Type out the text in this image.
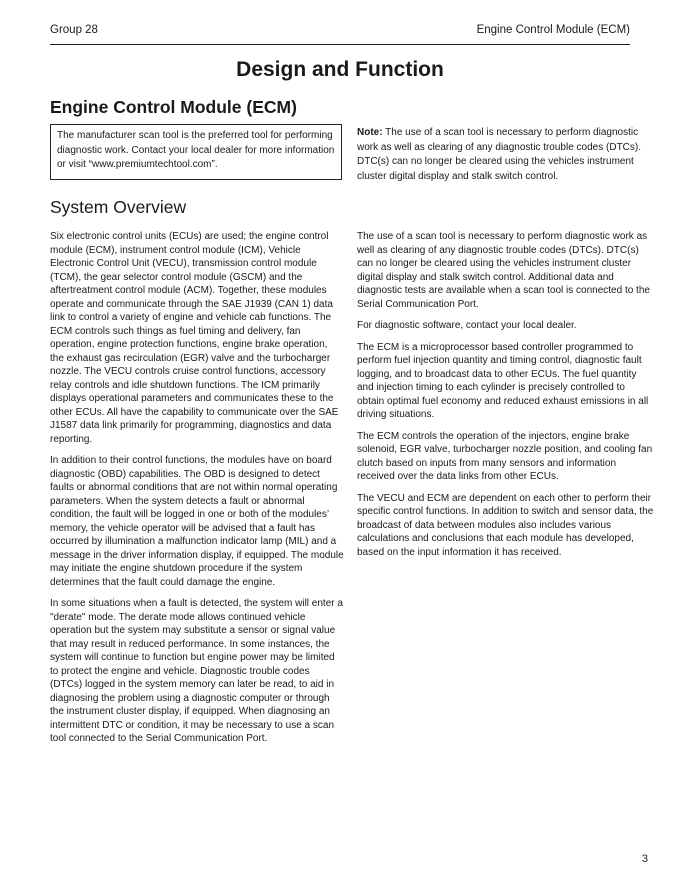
Group 28	Engine Control Module (ECM)
Design and Function
Engine Control Module (ECM)
The manufacturer scan tool is the preferred tool for performing diagnostic work. Contact your local dealer for more information or visit “www.premiumtechtool.com”.
Note: The use of a scan tool is necessary to perform diagnostic work as well as clearing of any diagnostic trouble codes (DTCs). DTC(s) can no longer be cleared using the vehicles instrument cluster digital display and stalk switch control.
System Overview

Six electronic control units (ECUs) are used; the engine control module (ECM), instrument control module (ICM), Vehicle Electronic Control Unit (VECU), transmission control module (TCM), the gear selector control module (GSCM) and the aftertreatment control module (ACM). Together, these modules operate and communicate through the SAE J1939 (CAN 1) data link to control a variety of engine and vehicle cab functions. The ECM controls such things as fuel timing and delivery, fan operation, engine protection functions, engine brake operation, the exhaust gas recirculation (EGR) valve and the turbocharger nozzle. The VECU controls cruise control functions, accessory relay controls and idle shutdown functions. The ICM primarily displays operational parameters and communicates these to the other ECUs. All have the capability to communicate over the SAE J1587 data link primarily for programming, diagnostics and data reporting.

In addition to their control functions, the modules have on board diagnostic (OBD) capabilities. The OBD is designed to detect faults or abnormal conditions that are not within normal operating parameters. When the system detects a fault or abnormal condition, the fault will be logged in one or both of the modules’ memory, the vehicle operator will be advised that a fault has occurred by illumination a malfunction indicator lamp (MIL) and a message in the driver information display, if equipped. The module may initiate the engine shutdown procedure if the system determines that the fault could damage the engine.

In some situations when a fault is detected, the system will enter a "derate" mode. The derate mode allows continued vehicle operation but the system may substitute a sensor or signal value that may result in reduced performance. In some instances, the system will continue to function but engine power may be limited to protect the engine and vehicle. Diagnostic trouble codes (DTCs) logged in the system memory can later be read, to aid in diagnosing the problem using a diagnostic computer or through the instrument cluster display, if equipped. When diagnosing an intermittent DTC or condition, it may be necessary to use a scan tool connected to the Serial Communication Port.

The use of a scan tool is necessary to perform diagnostic work as well as clearing of any diagnostic trouble codes (DTCs). DTC(s) can no longer be cleared using the vehicles instrument cluster digital display and stalk switch control. Additional data and diagnostic tests are available when a scan tool is connected to the Serial Communication Port.

For diagnostic software, contact your local dealer.

The ECM is a microprocessor based controller programmed to perform fuel injection quantity and timing control, diagnostic fault logging, and to broadcast data to other ECUs. The fuel quantity and injection timing to each cylinder is precisely controlled to obtain optimal fuel economy and reduced exhaust emissions in all driving situations.

The ECM controls the operation of the injectors, engine brake solenoid, EGR valve, turbocharger nozzle position, and cooling fan clutch based on inputs from many sensors and information received over the data links from other ECUs.

The VECU and ECM are dependent on each other to perform their specific control functions. In addition to switch and sensor data, the broadcast of data between modules also includes various calculations and conclusions that each module has developed, based on the input information it has received.

3
